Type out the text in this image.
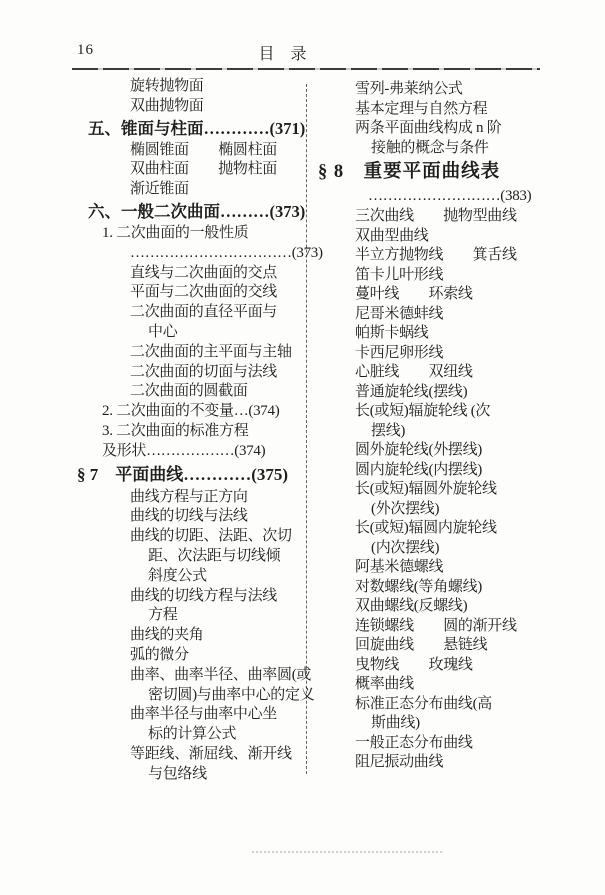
16	目　录
旋转抛物面
双曲抛物面
五、锥面与柱面…………(371)
椭圆锥面　　椭圆柱面
双曲柱面　　抛物柱面
渐近锥面
六、一般二次曲面………(373)
1. 二次曲面的一般性质
……………………………(373)
直线与二次曲面的交点
平面与二次曲面的交线
二次曲面的直径平面与
中心
二次曲面的主平面与主轴
二次曲面的切面与法线
二次曲面的圆截面
2. 二次曲面的不变量…(374)
3. 二次曲面的标准方程
及形状………………(374)
§ 7　平面曲线…………(375)
曲线方程与正方向
曲线的切线与法线
曲线的切距、法距、次切
距、次法距与切线倾
斜度公式
曲线的切线方程与法线
方程
曲线的夹角
弧的微分
曲率、曲率半径、曲率圆(或
密切圆)与曲率中心的定义
曲率半径与曲率中心坐
标的计算公式
等距线、渐屈线、渐开线
与包络线
雪列-弗莱纳公式
基本定理与自然方程
两条平面曲线构成 n 阶
接触的概念与条件
§ 8　重要平面曲线表
………………………(383)
三次曲线　　抛物型曲线
双曲型曲线
半立方抛物线　　箕舌线
笛卡儿叶形线
蔓叶线　　环索线
尼哥米德蚌线
帕斯卡蜗线
卡西尼卵形线
心脏线　　双纽线
普通旋轮线(摆线)
长(或短)辐旋轮线 (次
摆线)
圆外旋轮线(外摆线)
圆内旋轮线(内摆线)
长(或短)辐圆外旋轮线
(外次摆线)
长(或短)辐圆内旋轮线
(内次摆线)
阿基米德螺线
对数螺线(等角螺线)
双曲螺线(反螺线)
连锁螺线　　圆的渐开线
回旋曲线　　悬链线
曳物线　　玫瑰线
概率曲线
标准正态分布曲线(高
斯曲线)
一般正态分布曲线
阻尼振动曲线
